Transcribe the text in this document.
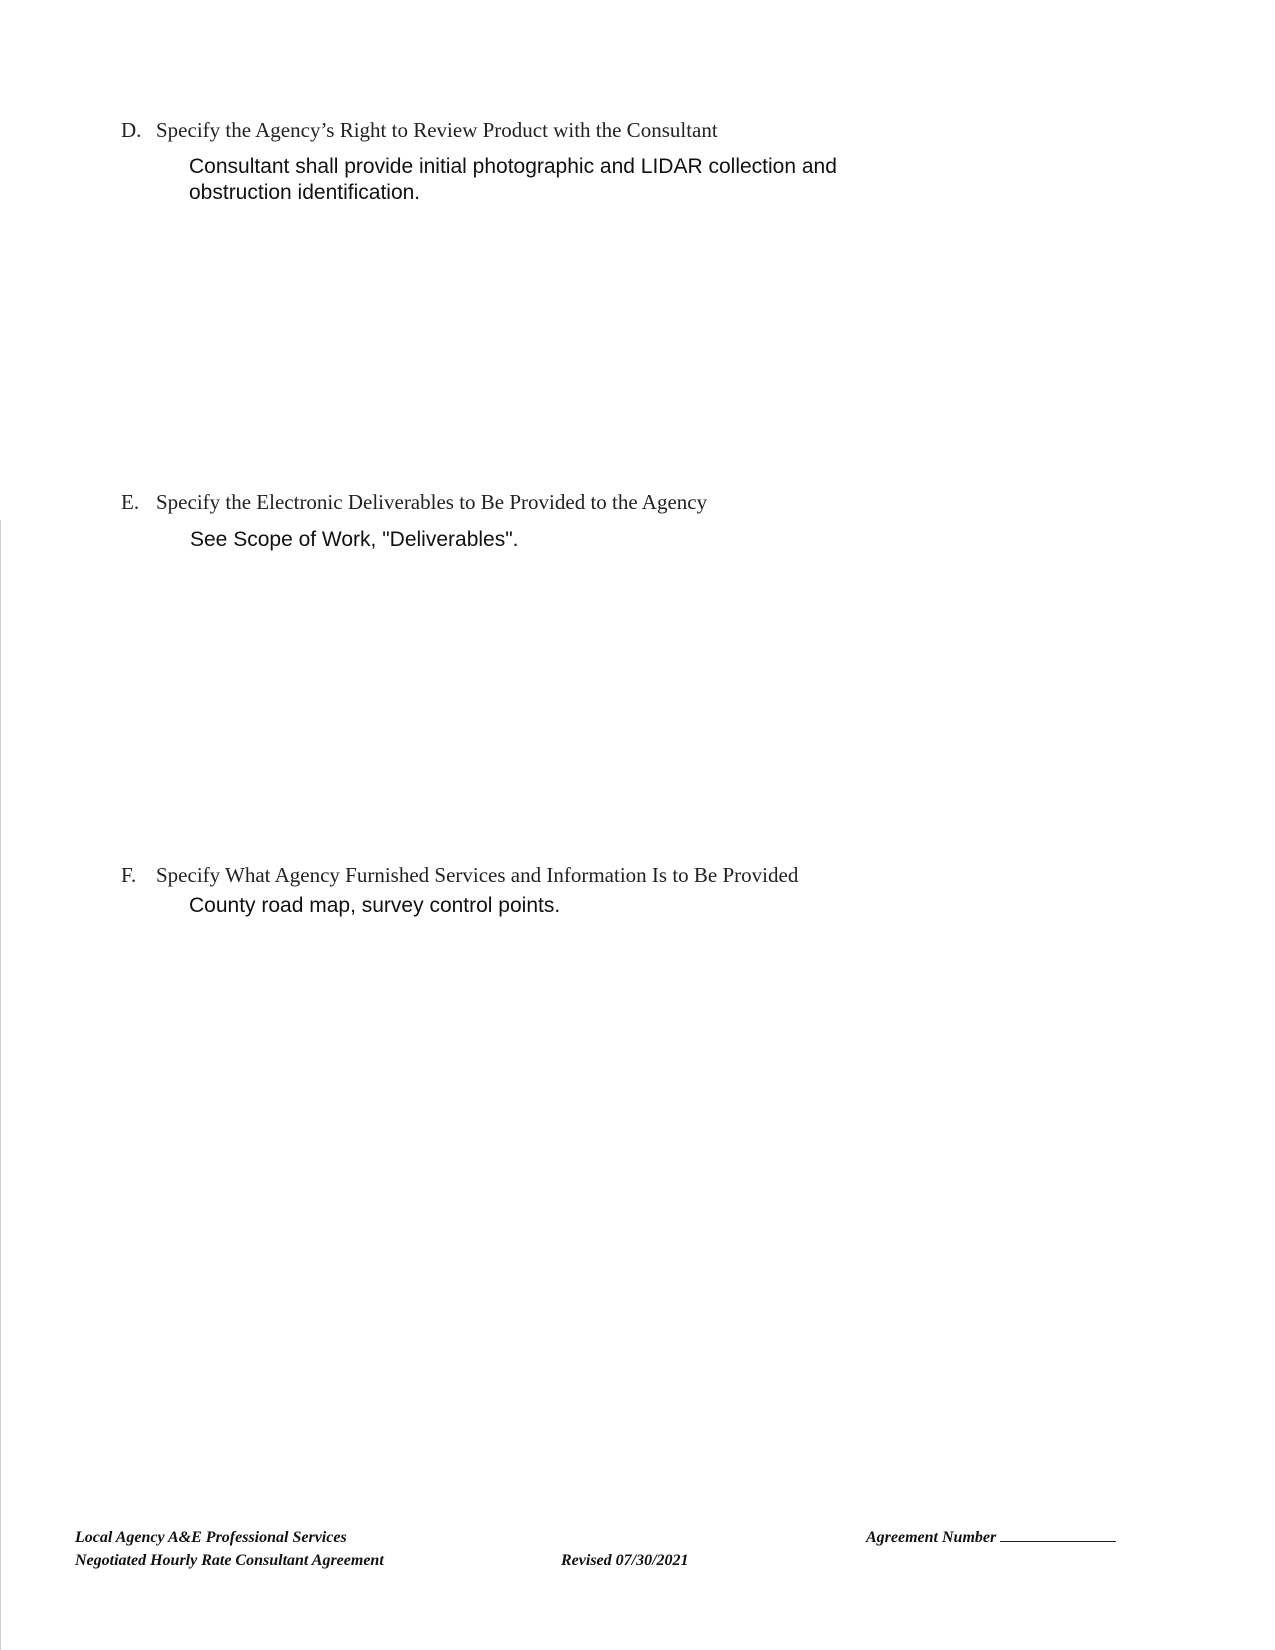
D. Specify the Agency’s Right to Review Product with the Consultant
Consultant shall provide initial photographic and LIDAR collection and
obstruction identification.
E. Specify the Electronic Deliverables to Be Provided to the Agency
See Scope of Work, "Deliverables".
F. Specify What Agency Furnished Services and Information Is to Be Provided
County road map, survey control points.
Local Agency A&E Professional Services
Negotiated Hourly Rate Consultant Agreement	Revised 07/30/2021
Agreement Number
